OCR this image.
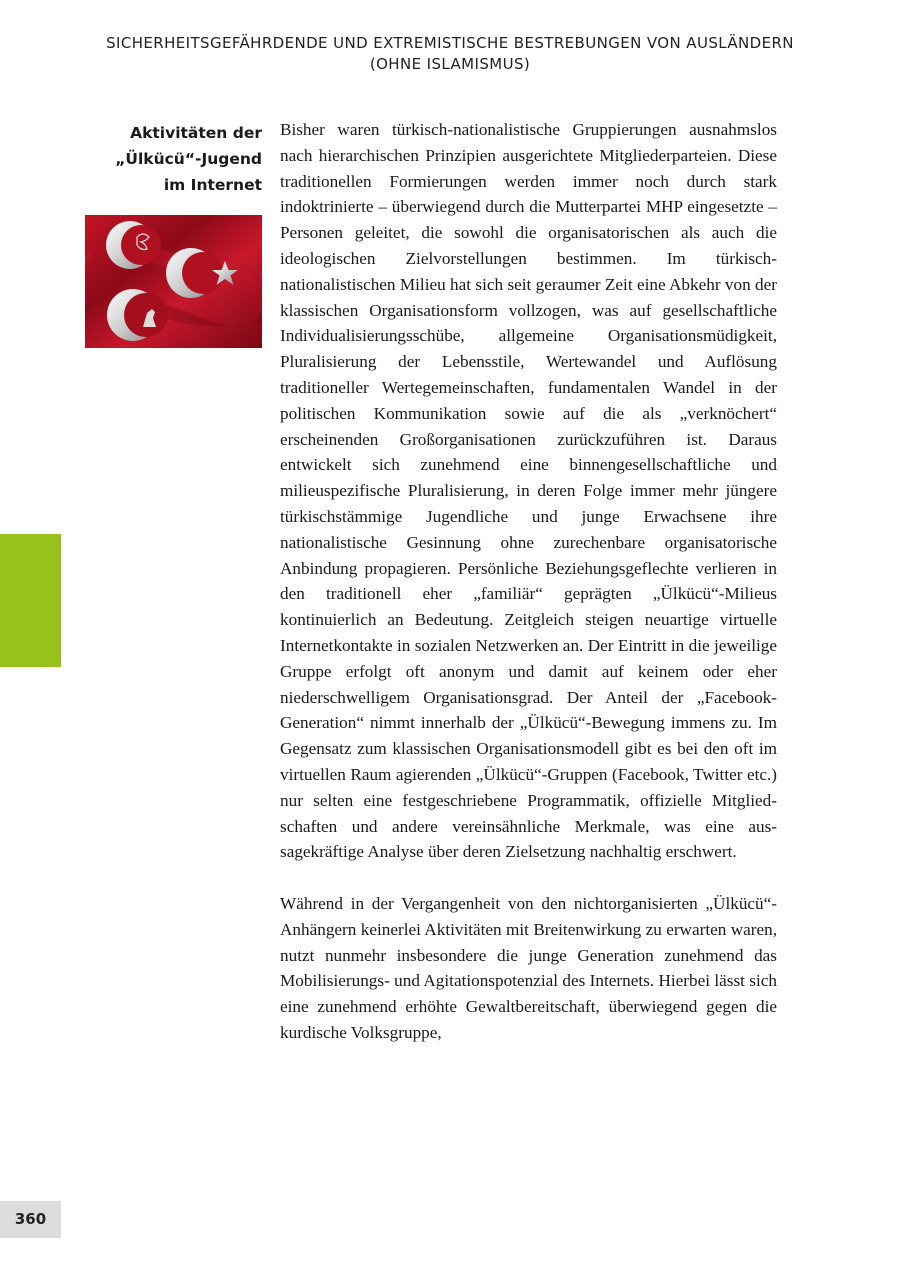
SICHERHEITSGEFÄHRDENDE UND EXTREMISTISCHE BESTREBUNGEN VON AUSLÄNDERN
(OHNE ISLAMISMUS)
Aktivitäten der
„Ülkücü“-Jugend
im Internet

Bisher waren türkisch-nationalistische Gruppierungen ausnahmslos nach hierarchischen Prinzipien ausgerichtete Mitgliederparteien. Diese traditionellen Formierungen werden immer noch durch stark indoktrinierte – überwiegend durch die Mutterpartei MHP eingesetzte – Personen geleitet, die sowohl die organisatorischen als auch die ideologischen Zielvorstellungen bestimmen. Im türkisch-nationalistischen Milieu hat sich seit geraumer Zeit eine Abkehr von der klassischen Organisationsform vollzogen, was auf gesellschaftliche Individualisierungsschübe, allgemeine Organisationsmüdigkeit, Pluralisierung der Lebensstile, Wertewandel und Auflösung traditioneller Wertegemeinschaften, fundamentalen Wandel in der politischen Kommunikation sowie auf die als „verknöchert“ erscheinenden Großorganisationen zurückzuführen ist. Daraus entwickelt sich zunehmend eine binnengesellschaftliche und milieuspezifische Pluralisierung, in deren Folge immer mehr jüngere türkischstämmige Jugendliche und junge Erwachsene ihre nationalistische Gesinnung ohne zurechenbare organisatorische Anbindung propagieren. Persönliche Beziehungsgeflechte verlieren in den traditionell eher „familiär“ geprägten „Ülkücü“-Milieus kontinuierlich an Bedeutung. Zeitgleich steigen neuartige virtuelle Internetkontakte in sozialen Netzwerken an. Der Eintritt in die jeweilige Gruppe erfolgt oft anonym und damit auf keinem oder eher niederschwelligem Organisationsgrad. Der Anteil der „Facebook- Generation“ nimmt innerhalb der „Ülkücü“-Bewegung immens zu. Im Gegensatz zum klassischen Organisationsmodell gibt es bei den oft im virtuellen Raum agierenden „Ülkücü“-Gruppen (Facebook, Twitter etc.) nur selten eine festgeschriebene Programmatik, offizielle Mitgliedschaften und andere vereinsähnliche Merkmale, was eine aussagekräftige Analyse über deren Zielsetzung nachhaltig erschwert.

Während in der Vergangenheit von den nichtorganisierten „Ülkücü“-Anhängern keinerlei Aktivitäten mit Breitenwirkung zu erwarten waren, nutzt nunmehr insbesondere die junge Generation zunehmend das Mobilisierungs- und Agitationspotenzial des Internets. Hierbei lässt sich eine zunehmend erhöhte Gewaltbereitschaft, überwiegend gegen die kurdische Volksgruppe,

360
